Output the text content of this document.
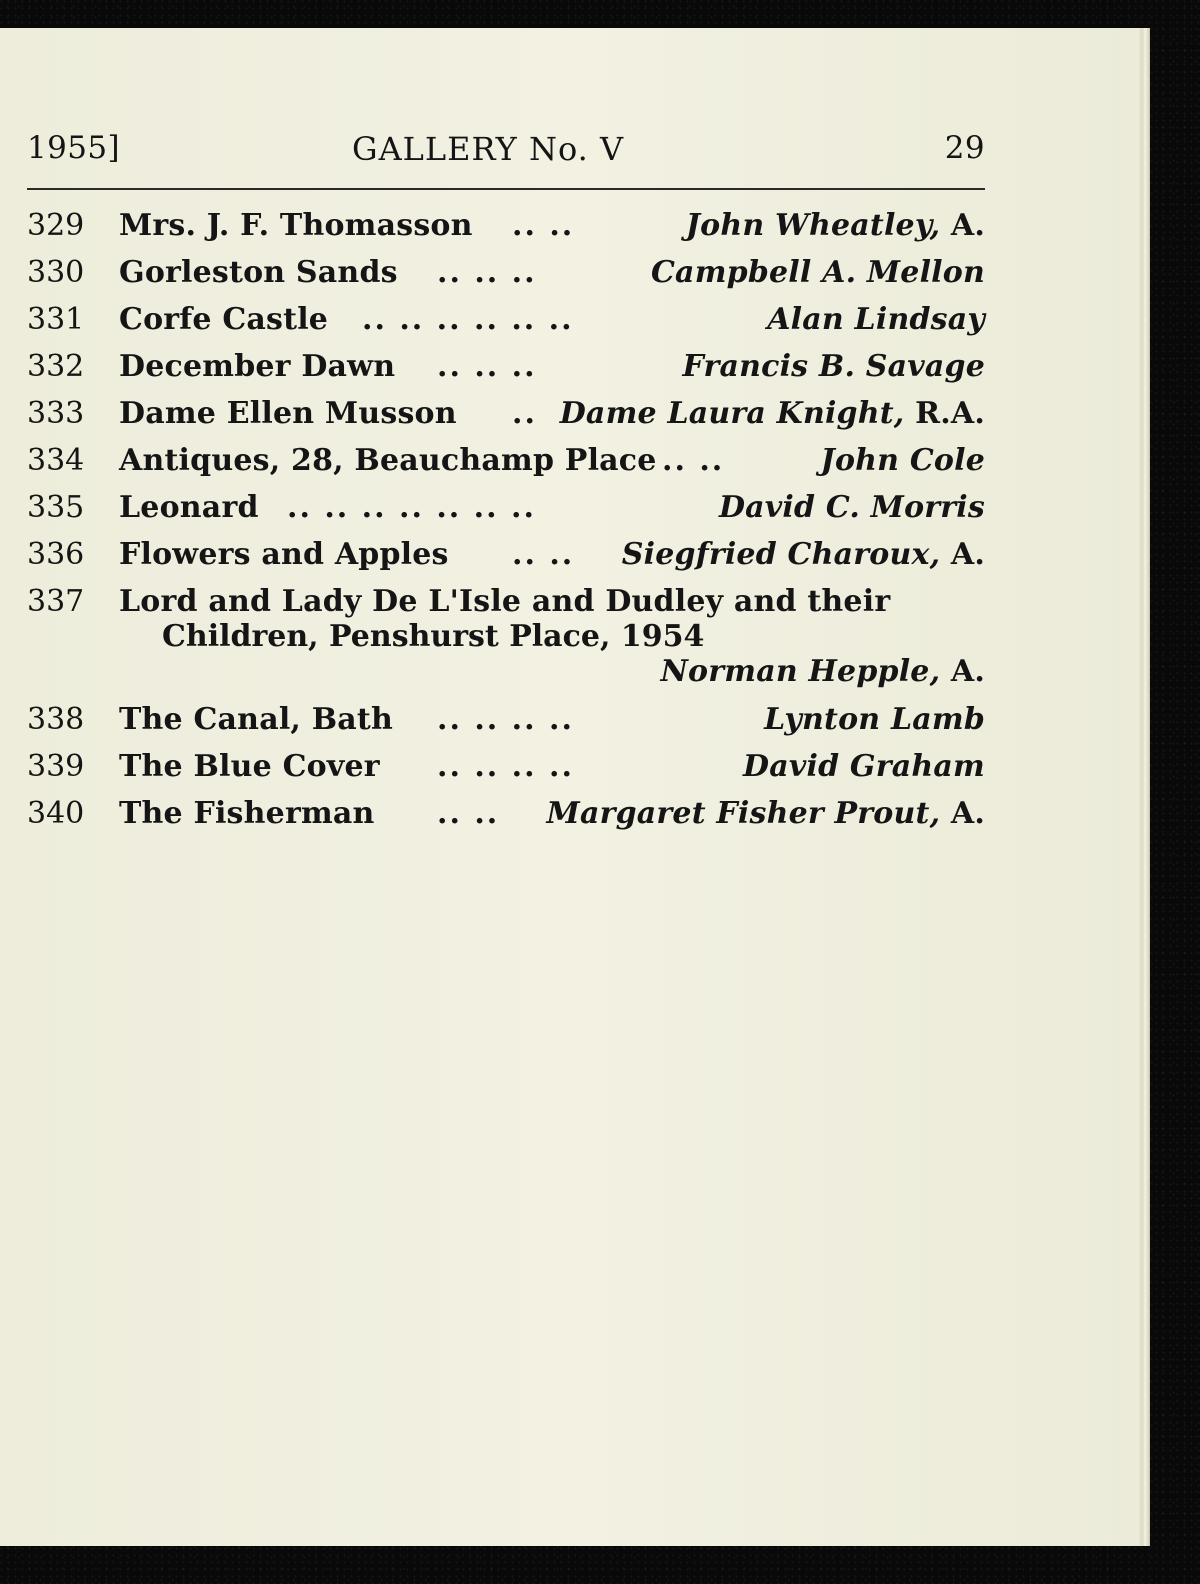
1955]	GALLERY No. V	29
329	Mrs. J. F. Thomasson .. ..	John Wheatley, A.
330	Gorleston Sands .. .. ..	Campbell A. Mellon
331	Corfe Castle .. .. .. .. .. ..	Alan Lindsay
332	December Dawn .. .. ..	Francis B. Savage
333	Dame Ellen Musson .. Dame Laura Knight, R.A.
334	Antiques, 28, Beauchamp Place .. ..	John Cole
335	Leonard .. .. .. .. .. .. ..	David C. Morris
336	Flowers and Apples .. .. Siegfried Charoux, A.
337	Lord and Lady De L'Isle and Dudley and their
Children, Penshurst Place, 1954
Norman Hepple, A.
338	The Canal, Bath .. .. .. ..	Lynton Lamb
339	The Blue Cover .. .. .. ..	David Graham
340	The Fisherman .. .. Margaret Fisher Prout, A.
